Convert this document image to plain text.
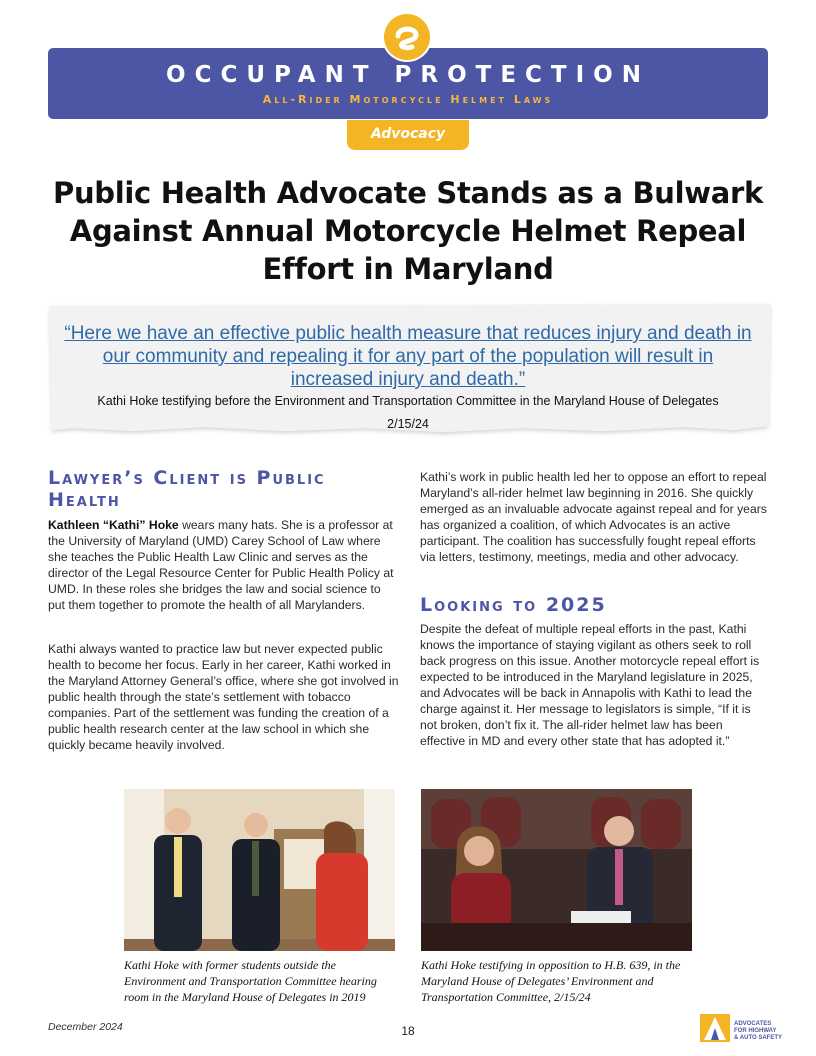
OCCUPANT PROTECTION
All-Rider Motorcycle Helmet Laws
Advocacy
Public Health Advocate Stands as a Bulwark Against Annual Motorcycle Helmet Repeal Effort in Maryland
“Here we have an effective public health measure that reduces injury and death in our community and repealing it for any part of the population will result in increased injury and death.”
Kathi Hoke testifying before the Environment and Transportation Committee in the Maryland House of Delegates
2/15/24
Lawyer’s Client is Public
Health
Kathleen “Kathi” Hoke wears many hats. She is a professor at the University of Maryland (UMD) Carey School of Law where she teaches the Public Health Law Clinic and serves as the director of the Legal Resource Center for Public Health Policy at UMD. In these roles she bridges the law and social science to put them together to promote the health of all Marylanders.
Kathi always wanted to practice law but never expected public health to become her focus. Early in her career, Kathi worked in the Maryland Attorney General’s office, where she got involved in public health through the state’s settlement with tobacco companies. Part of the settlement was funding the creation of a public health research center at the law school in which she quickly became heavily involved.
Kathi’s work in public health led her to oppose an effort to repeal Maryland’s all-rider helmet law beginning in 2016. She quickly emerged as an invaluable advocate against repeal and for years has organized a coalition, of which Advocates is an active participant. The coalition has successfully fought repeal efforts via letters, testimony, meetings, media and other advocacy.
Looking to 2025
Despite the defeat of multiple repeal efforts in the past, Kathi knows the importance of staying vigilant as others seek to roll back progress on this issue. Another motorcycle repeal effort is expected to be introduced in the Maryland legislature in 2025, and Advocates will be back in Annapolis with Kathi to lead the charge against it. Her message to legislators is simple, “If it is not broken, don’t fix it. The all-rider helmet law has been effective in MD and every other state that has adopted it.”
Kathi Hoke with former students outside the Environment and Transportation Committee hearing room in the Maryland House of Delegates in 2019
Kathi Hoke testifying in opposition to H.B. 639, in the Maryland House of Delegates’ Environment and Transportation Committee, 2/15/24
December 2024	18	ADVOCATES
FOR HIGHWAY
& AUTO SAFETY
